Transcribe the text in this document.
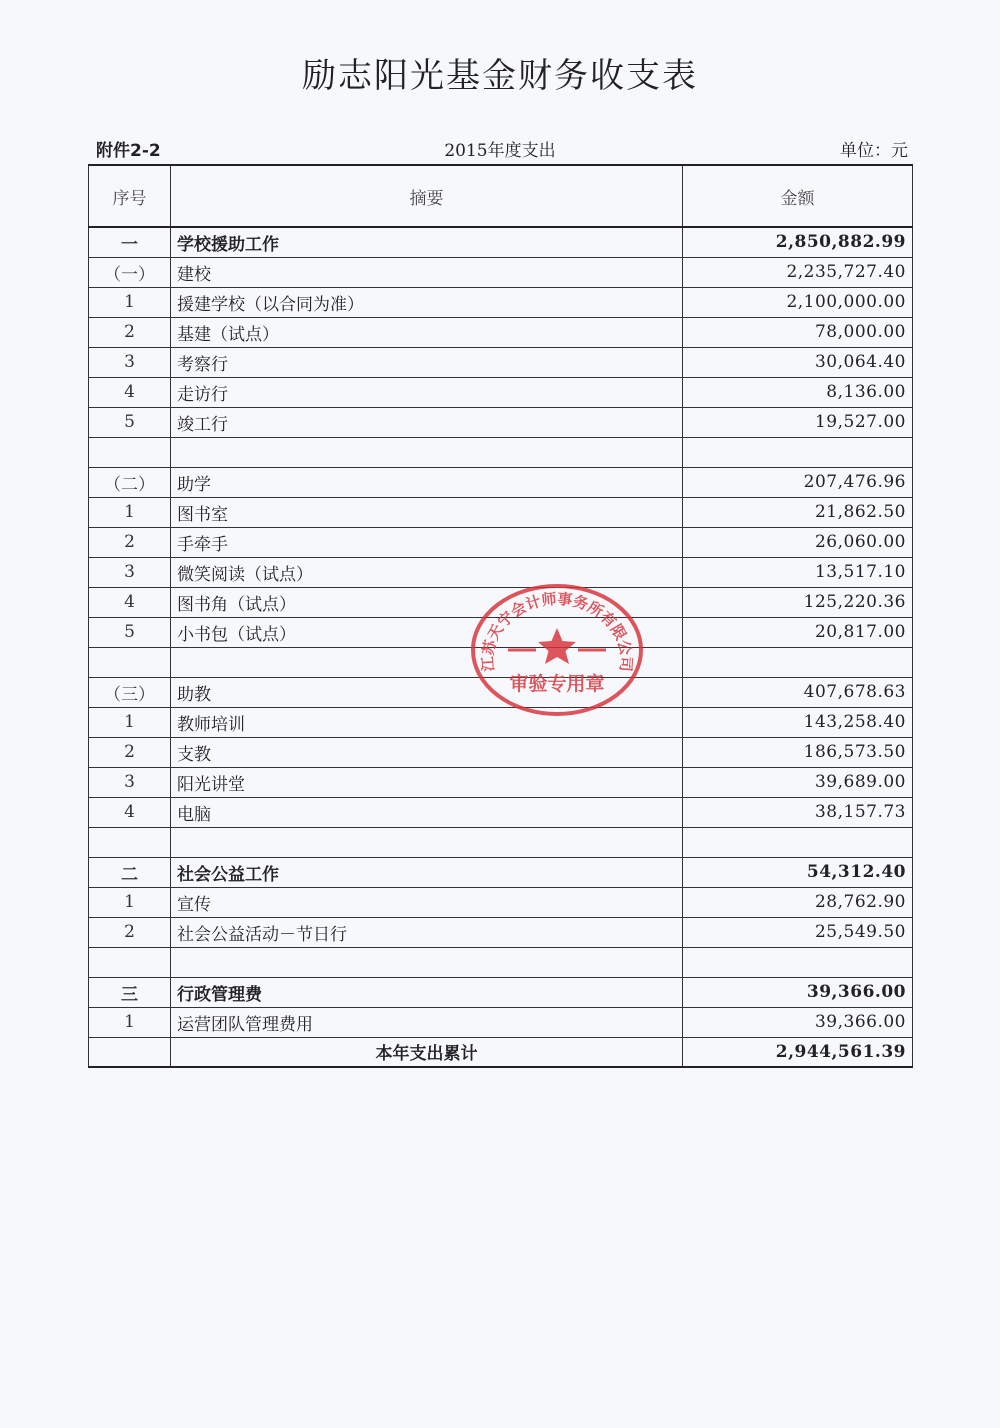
励志阳光基金财务收支表
附件2-2	2015年度支出	单位：元
序号	摘要	金额
一	学校援助工作	2,850,882.99
（一）	建校	2,235,727.40
1	援建学校（以合同为准）	2,100,000.00
2	基建（试点）	78,000.00
3	考察行	30,064.40
4	走访行	8,136.00
5	竣工行	19,527.00

（二）	助学	207,476.96
1	图书室	21,862.50
2	手牵手	26,060.00
3	微笑阅读（试点）	13,517.10
4	图书角（试点）	125,220.36
5	小书包（试点）	20,817.00

（三）	助教	407,678.63
1	教师培训	143,258.40
2	支教	186,573.50
3	阳光讲堂	39,689.00
4	电脑	38,157.73

二	社会公益工作	54,312.40
1	宣传	28,762.90
2	社会公益活动－节日行	25,549.50

三	行政管理费	39,366.00
1	运营团队管理费用	39,366.00
	本年支出累计	2,944,561.39
江苏天宁会计师事务所有限公司
审验专用章
